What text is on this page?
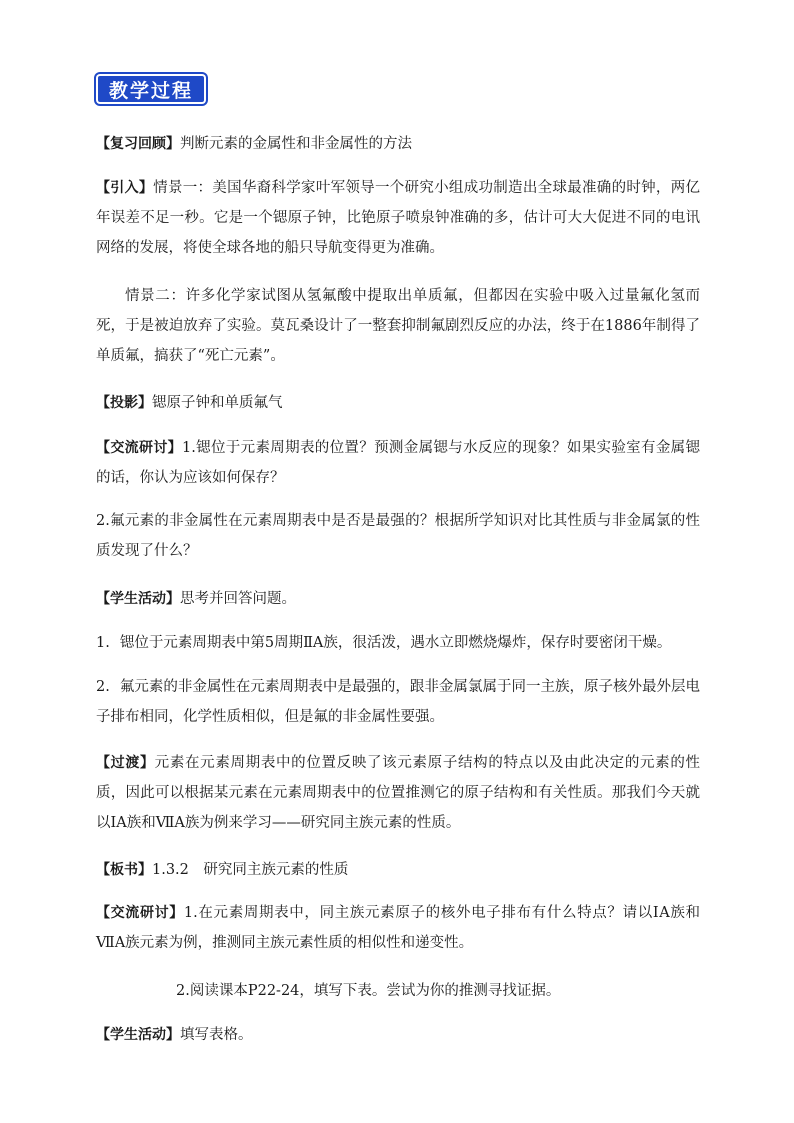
教学过程
【复习回顾】判断元素的金属性和非金属性的方法
【引入】情景一：美国华裔科学家叶军领导一个研究小组成功制造出全球最准确的时钟，两亿年误差不足一秒。它是一个锶原子钟，比铯原子喷泉钟准确的多，估计可大大促进不同的电讯网络的发展，将使全球各地的船只导航变得更为准确。
情景二：许多化学家试图从氢氟酸中提取出单质氟，但都因在实验中吸入过量氟化氢而死，于是被迫放弃了实验。莫瓦桑设计了一整套抑制氟剧烈反应的办法，终于在1886年制得了单质氟，搞获了“死亡元素”。
【投影】锶原子钟和单质氟气
【交流研讨】1.锶位于元素周期表的位置？预测金属锶与水反应的现象？如果实验室有金属锶的话，你认为应该如何保存？
2.氟元素的非金属性在元素周期表中是否是最强的？根据所学知识对比其性质与非金属氯的性质发现了什么？
【学生活动】思考并回答问题。
1. 锶位于元素周期表中第5周期ⅡA族，很活泼，遇水立即燃烧爆炸，保存时要密闭干燥。
2. 氟元素的非金属性在元素周期表中是最强的，跟非金属氯属于同一主族，原子核外最外层电子排布相同，化学性质相似，但是氟的非金属性要强。
【过渡】元素在元素周期表中的位置反映了该元素原子结构的特点以及由此决定的元素的性质，因此可以根据某元素在元素周期表中的位置推测它的原子结构和有关性质。那我们今天就以ⅠA族和ⅦA族为例来学习——研究同主族元素的性质。
【板书】1.3.2　研究同主族元素的性质
【交流研讨】1.在元素周期表中，同主族元素原子的核外电子排布有什么特点？请以ⅠA族和ⅦA族元素为例，推测同主族元素性质的相似性和递变性。
2.阅读课本P22-24，填写下表。尝试为你的推测寻找证据。
【学生活动】填写表格。
